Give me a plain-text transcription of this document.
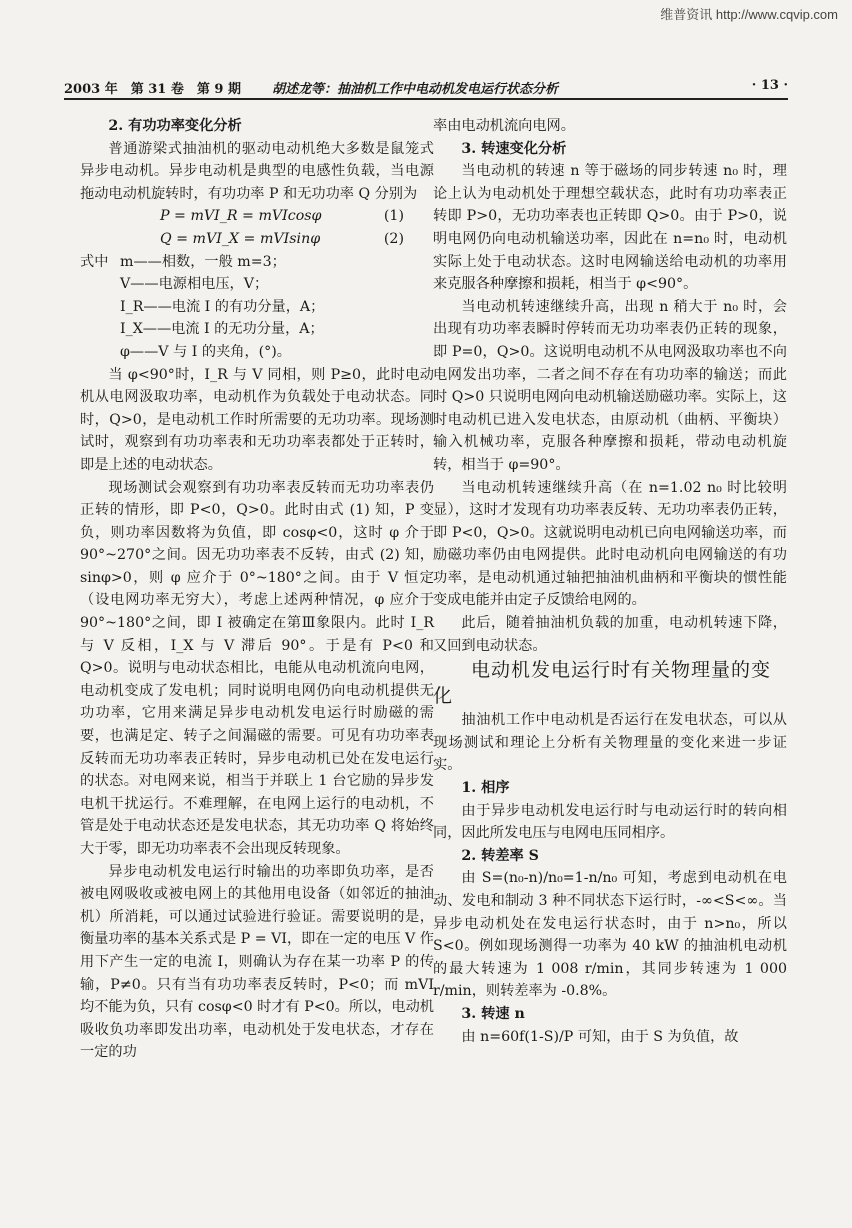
维普资讯 http://www.cqvip.com
2003 年　第 31 卷　第 9 期 胡述龙等：抽油机工作中电动机发电运行状态分析	· 13 ·
2. 有功功率变化分析

普通游梁式抽油机的驱动电动机绝大多数是鼠笼式异步电动机。异步电动机是典型的电感性负载，当电源拖动电动机旋转时，有功功率 P 和无功功率 Q 分别为

P = mVI_R = mVIcosφ	(1)
Q = mVI_X = mVIsinφ	(2)
式中 m——相数，一般 m=3；
V——电源相电压，V；
I_R——电流 I 的有功分量，A；
I_X——电流 I 的无功分量，A；
φ——V 与 I 的夹角，(°)。

当 φ<90°时，I_R 与 V 同相，则 P≥0，此时电动机从电网汲取功率，电动机作为负载处于电动状态。同时，Q>0，是电动机工作时所需要的无功功率。现场测试时，观察到有功功率表和无功功率表都处于正转时，即是上述的电动状态。

现场测试会观察到有功功率表反转而无功功率表仍正转的情形，即 P<0，Q>0。此时由式 (1) 知，P 变负，则功率因数将为负值，即 cosφ<0，这时 φ 介于 90°~270°之间。因无功功率表不反转，由式 (2) 知，sinφ>0，则 φ 应介于 0°~180°之间。由于 V 恒定（设电网功率无穷大），考虑上述两种情况，φ 应介于 90°~180°之间，即 I 被确定在第Ⅲ象限内。此时 I_R 与 V 反相，I_X 与 V 滞后 90°。于是有 P<0 和 Q>0。说明与电动状态相比，电能从电动机流向电网，电动机变成了发电机；同时说明电网仍向电动机提供无功功率，它用来满足异步电动机发电运行时励磁的需要，也满足定、转子之间漏磁的需要。可见有功功率表反转而无功功率表正转时，异步电动机已处在发电运行的状态。对电网来说，相当于并联上 1 台它励的异步发电机干扰运行。不难理解，在电网上运行的电动机，不管是处于电动状态还是发电状态，其无功功率 Q 将始终大于零，即无功功率表不会出现反转现象。

异步电动机发电运行时输出的功率即负功率，是否被电网吸收或被电网上的其他用电设备（如邻近的抽油机）所消耗，可以通过试验进行验证。需要说明的是，衡量功率的基本关系式是 P = VI，即在一定的电压 V 作用下产生一定的电流 I，则确认为存在某一功率 P 的传输，P≠0。只有当有功功率表反转时，P<0；而 mVI 均不能为负，只有 cosφ<0 时才有 P<0。所以，电动机吸收负功率即发出功率，电动机处于发电状态，才存在一定的功

率由电动机流向电网。

3. 转速变化分析

当电动机的转速 n 等于磁场的同步转速 n₀ 时，理论上认为电动机处于理想空载状态，此时有功功率表正转即 P>0，无功功率表也正转即 Q>0。由于 P>0，说明电网仍向电动机输送功率，因此在 n=n₀ 时，电动机实际上处于电动状态。这时电网输送给电动机的功率用来克服各种摩擦和损耗，相当于 φ<90°。

当电动机转速继续升高，出现 n 稍大于 n₀ 时，会出现有功功率表瞬时停转而无功功率表仍正转的现象，即 P=0，Q>0。这说明电动机不从电网汲取功率也不向电网发出功率，二者之间不存在有功功率的输送；而此时 Q>0 只说明电网向电动机输送励磁功率。实际上，这时电动机已进入发电状态，由原动机（曲柄、平衡块）输入机械功率，克服各种摩擦和损耗，带动电动机旋转，相当于 φ=90°。

当电动机转速继续升高（在 n=1.02 n₀ 时比较明显），这时才发现有功功率表反转、无功功率表仍正转，即 P<0，Q>0。这就说明电动机已向电网输送功率，而励磁功率仍由电网提供。此时电动机向电网输送的有功功率，是电动机通过轴把抽油机曲柄和平衡块的惯性能变成电能并由定子反馈给电网的。

此后，随着抽油机负载的加重，电动机转速下降，又回到电动状态。

电动机发电运行时有关物理量的变化

抽油机工作中电动机是否运行在发电状态，可以从现场测试和理论上分析有关物理量的变化来进一步证实。

1. 相序

由于异步电动机发电运行时与电动运行时的转向相同，因此所发电压与电网电压同相序。

2. 转差率 S

由 S=(n₀-n)/n₀=1-n/n₀ 可知，考虑到电动机在电动、发电和制动 3 种不同状态下运行时，-∞<S<∞。当异步电动机处在发电运行状态时，由于 n>n₀，所以 S<0。例如现场测得一功率为 40 kW 的抽油机电动机的最大转速为 1 008 r/min，其同步转速为 1 000 r/min，则转差率为 -0.8%。

3. 转速 n

由 n=60f(1-S)/P 可知，由于 S 为负值，故
